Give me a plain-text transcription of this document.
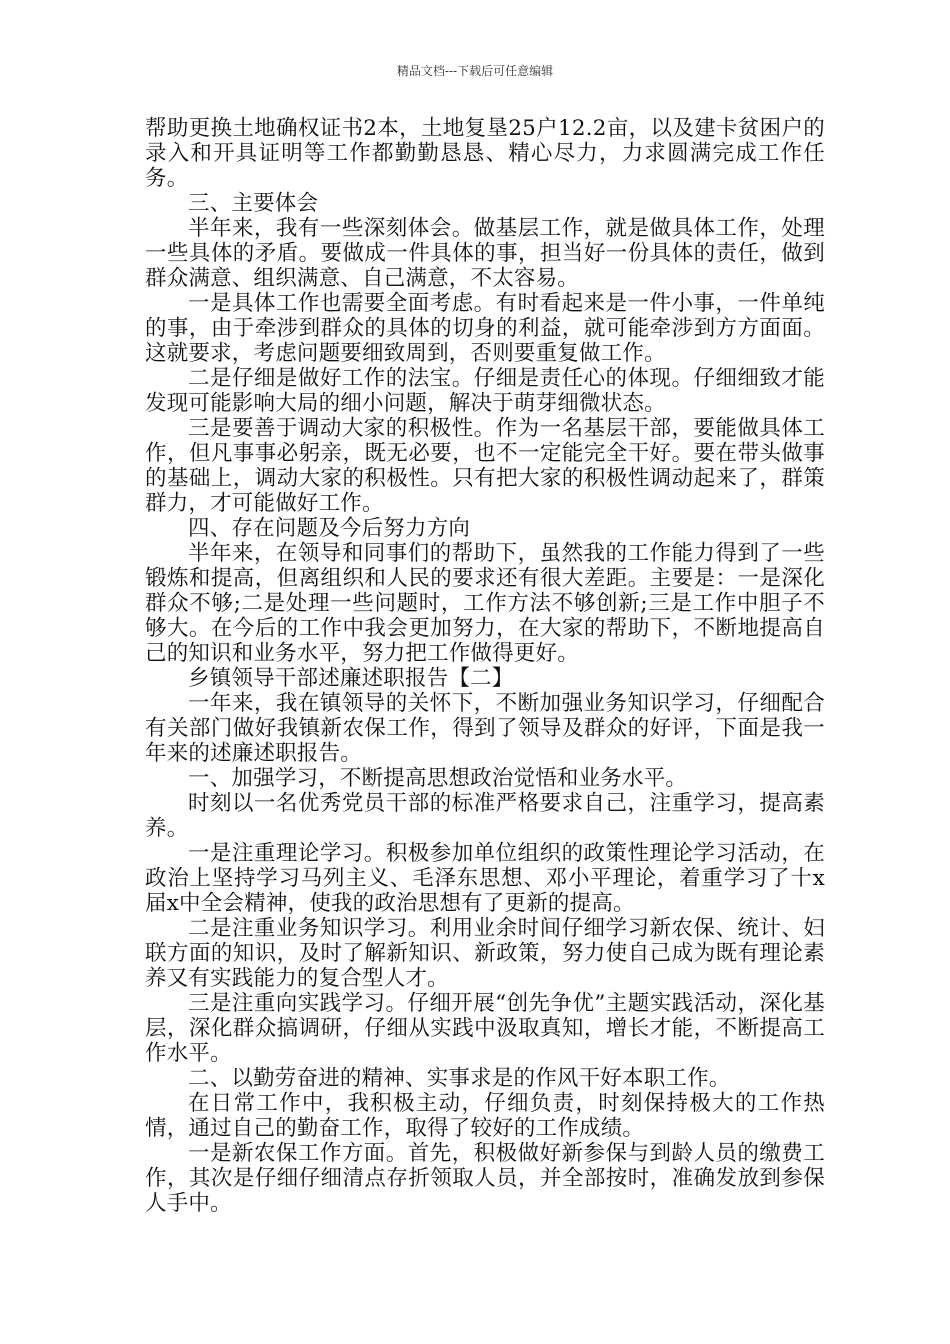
精品文档---下载后可任意编辑

帮助更换土地确权证书2本，土地复垦25户12.2亩，以及建卡贫困户的录入和开具证明等工作都勤勤恳恳、精心尽力，力求圆满完成工作任务。

三、主要体会

半年来，我有一些深刻体会。做基层工作，就是做具体工作，处理一些具体的矛盾。要做成一件具体的事，担当好一份具体的责任，做到群众满意、组织满意、自己满意，不太容易。

一是具体工作也需要全面考虑。有时看起来是一件小事，一件单纯的事，由于牵涉到群众的具体的切身的利益，就可能牵涉到方方面面。这就要求，考虑问题要细致周到，否则要重复做工作。

二是仔细是做好工作的法宝。仔细是责任心的体现。仔细细致才能发现可能影响大局的细小问题，解决于萌芽细微状态。

三是要善于调动大家的积极性。作为一名基层干部，要能做具体工作，但凡事事必躬亲，既无必要，也不一定能完全干好。要在带头做事的基础上，调动大家的积极性。只有把大家的积极性调动起来了，群策群力，才可能做好工作。

四、存在问题及今后努力方向

半年来，在领导和同事们的帮助下，虽然我的工作能力得到了一些锻炼和提高，但离组织和人民的要求还有很大差距。主要是：一是深化群众不够;二是处理一些问题时，工作方法不够创新;三是工作中胆子不够大。在今后的工作中我会更加努力，在大家的帮助下，不断地提高自己的知识和业务水平，努力把工作做得更好。

乡镇领导干部述廉述职报告【二】

一年来，我在镇领导的关怀下，不断加强业务知识学习，仔细配合有关部门做好我镇新农保工作，得到了领导及群众的好评，下面是我一年来的述廉述职报告。

一、加强学习，不断提高思想政治觉悟和业务水平。

时刻以一名优秀党员干部的标准严格要求自己，注重学习，提高素养。

一是注重理论学习。积极参加单位组织的政策性理论学习活动，在政治上坚持学习马列主义、毛泽东思想、邓小平理论，着重学习了十x届x中全会精神，使我的政治思想有了更新的提高。

二是注重业务知识学习。利用业余时间仔细学习新农保、统计、妇联方面的知识，及时了解新知识、新政策，努力使自己成为既有理论素养又有实践能力的复合型人才。

三是注重向实践学习。仔细开展“创先争优”主题实践活动，深化基层，深化群众搞调研，仔细从实践中汲取真知，增长才能，不断提高工作水平。

二、以勤劳奋进的精神、实事求是的作风干好本职工作。

在日常工作中，我积极主动，仔细负责，时刻保持极大的工作热情，通过自己的勤奋工作，取得了较好的工作成绩。

一是新农保工作方面。首先，积极做好新参保与到龄人员的缴费工作，其次是仔细仔细清点存折领取人员，并全部按时，准确发放到参保人手中。
